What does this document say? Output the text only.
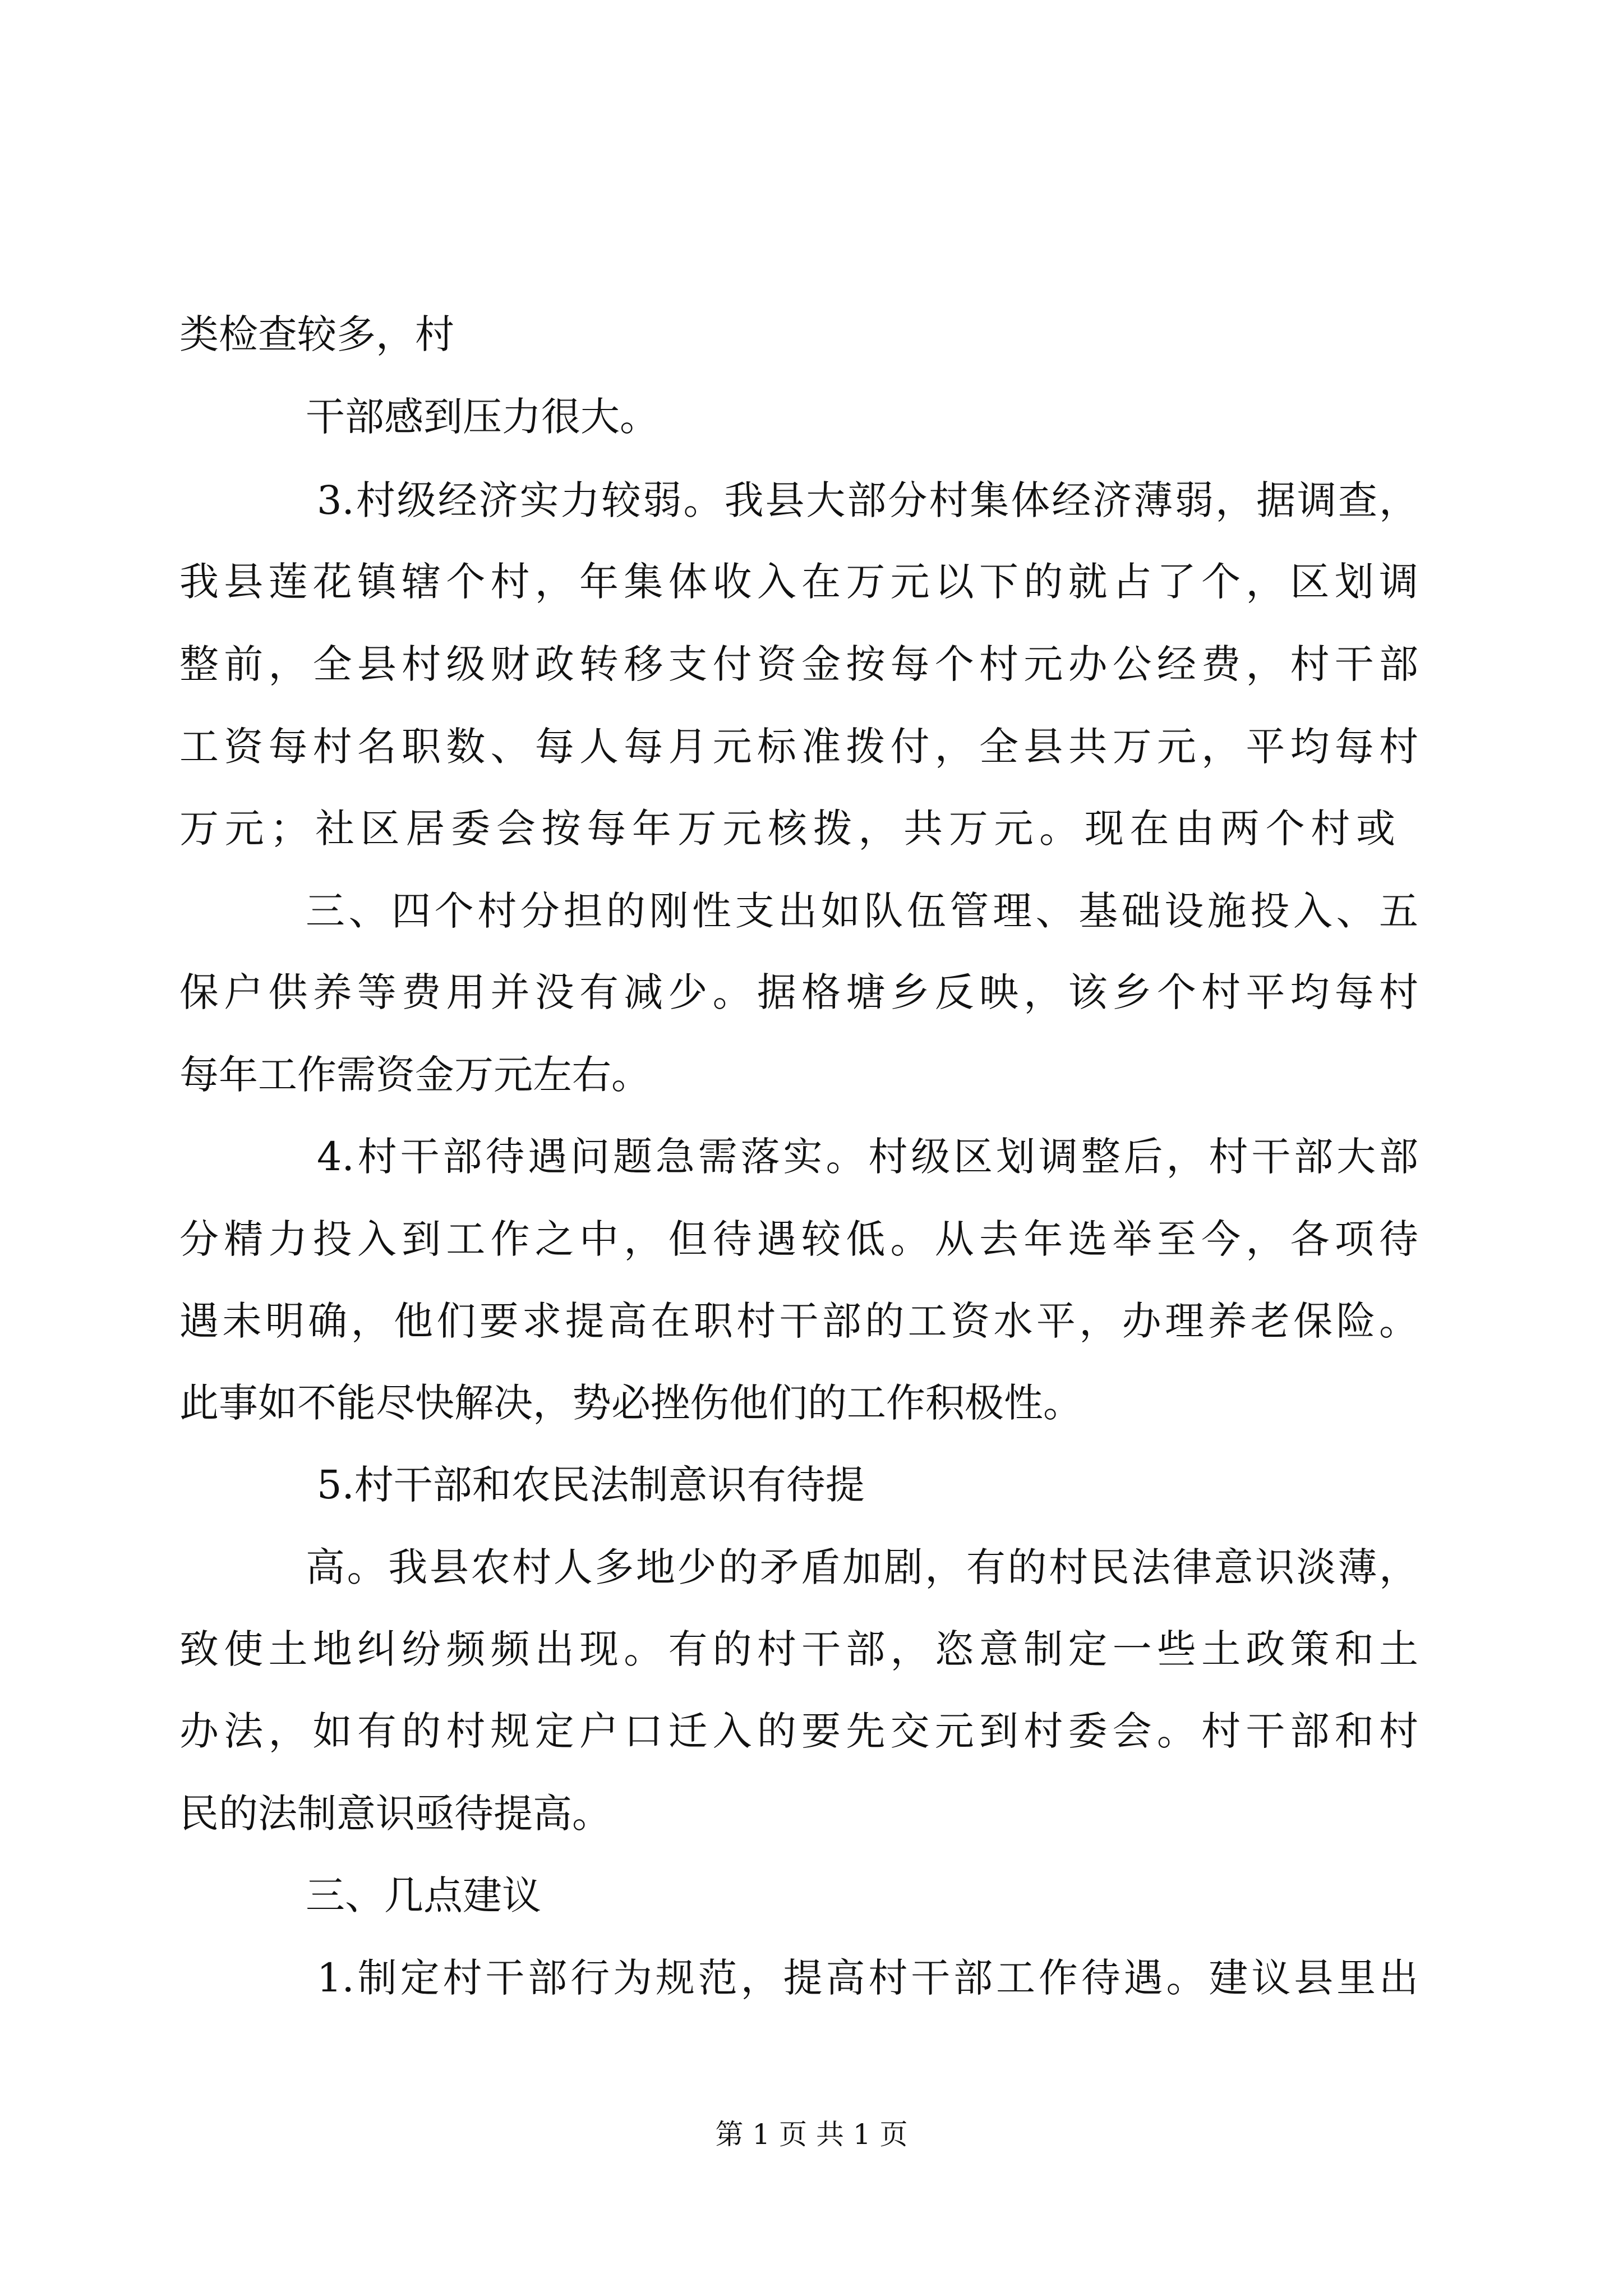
类检查较多，村

干部感到压力很大。

3.村级经济实力较弱。我县大部分村集体经济薄弱，据调查，

我县莲花镇辖个村，年集体收入在万元以下的就占了个，区划调

整前，全县村级财政转移支付资金按每个村元办公经费，村干部

工资每村名职数、每人每月元标准拨付，全县共万元，平均每村

万元；社区居委会按每年万元核拨，共万元。现在由两个村或

三、四个村分担的刚性支出如队伍管理、基础设施投入、五

保户供养等费用并没有减少。据格塘乡反映，该乡个村平均每村

每年工作需资金万元左右。

4.村干部待遇问题急需落实。村级区划调整后，村干部大部

分精力投入到工作之中，但待遇较低。从去年选举至今，各项待

遇未明确，他们要求提高在职村干部的工资水平，办理养老保险。

此事如不能尽快解决，势必挫伤他们的工作积极性。

5.村干部和农民法制意识有待提

高。我县农村人多地少的矛盾加剧，有的村民法律意识淡薄，

致使土地纠纷频频出现。有的村干部，恣意制定一些土政策和土

办法，如有的村规定户口迁入的要先交元到村委会。村干部和村

民的法制意识亟待提高。

三、几点建议

1.制定村干部行为规范，提高村干部工作待遇。建议县里出

第 1 页 共 1 页
